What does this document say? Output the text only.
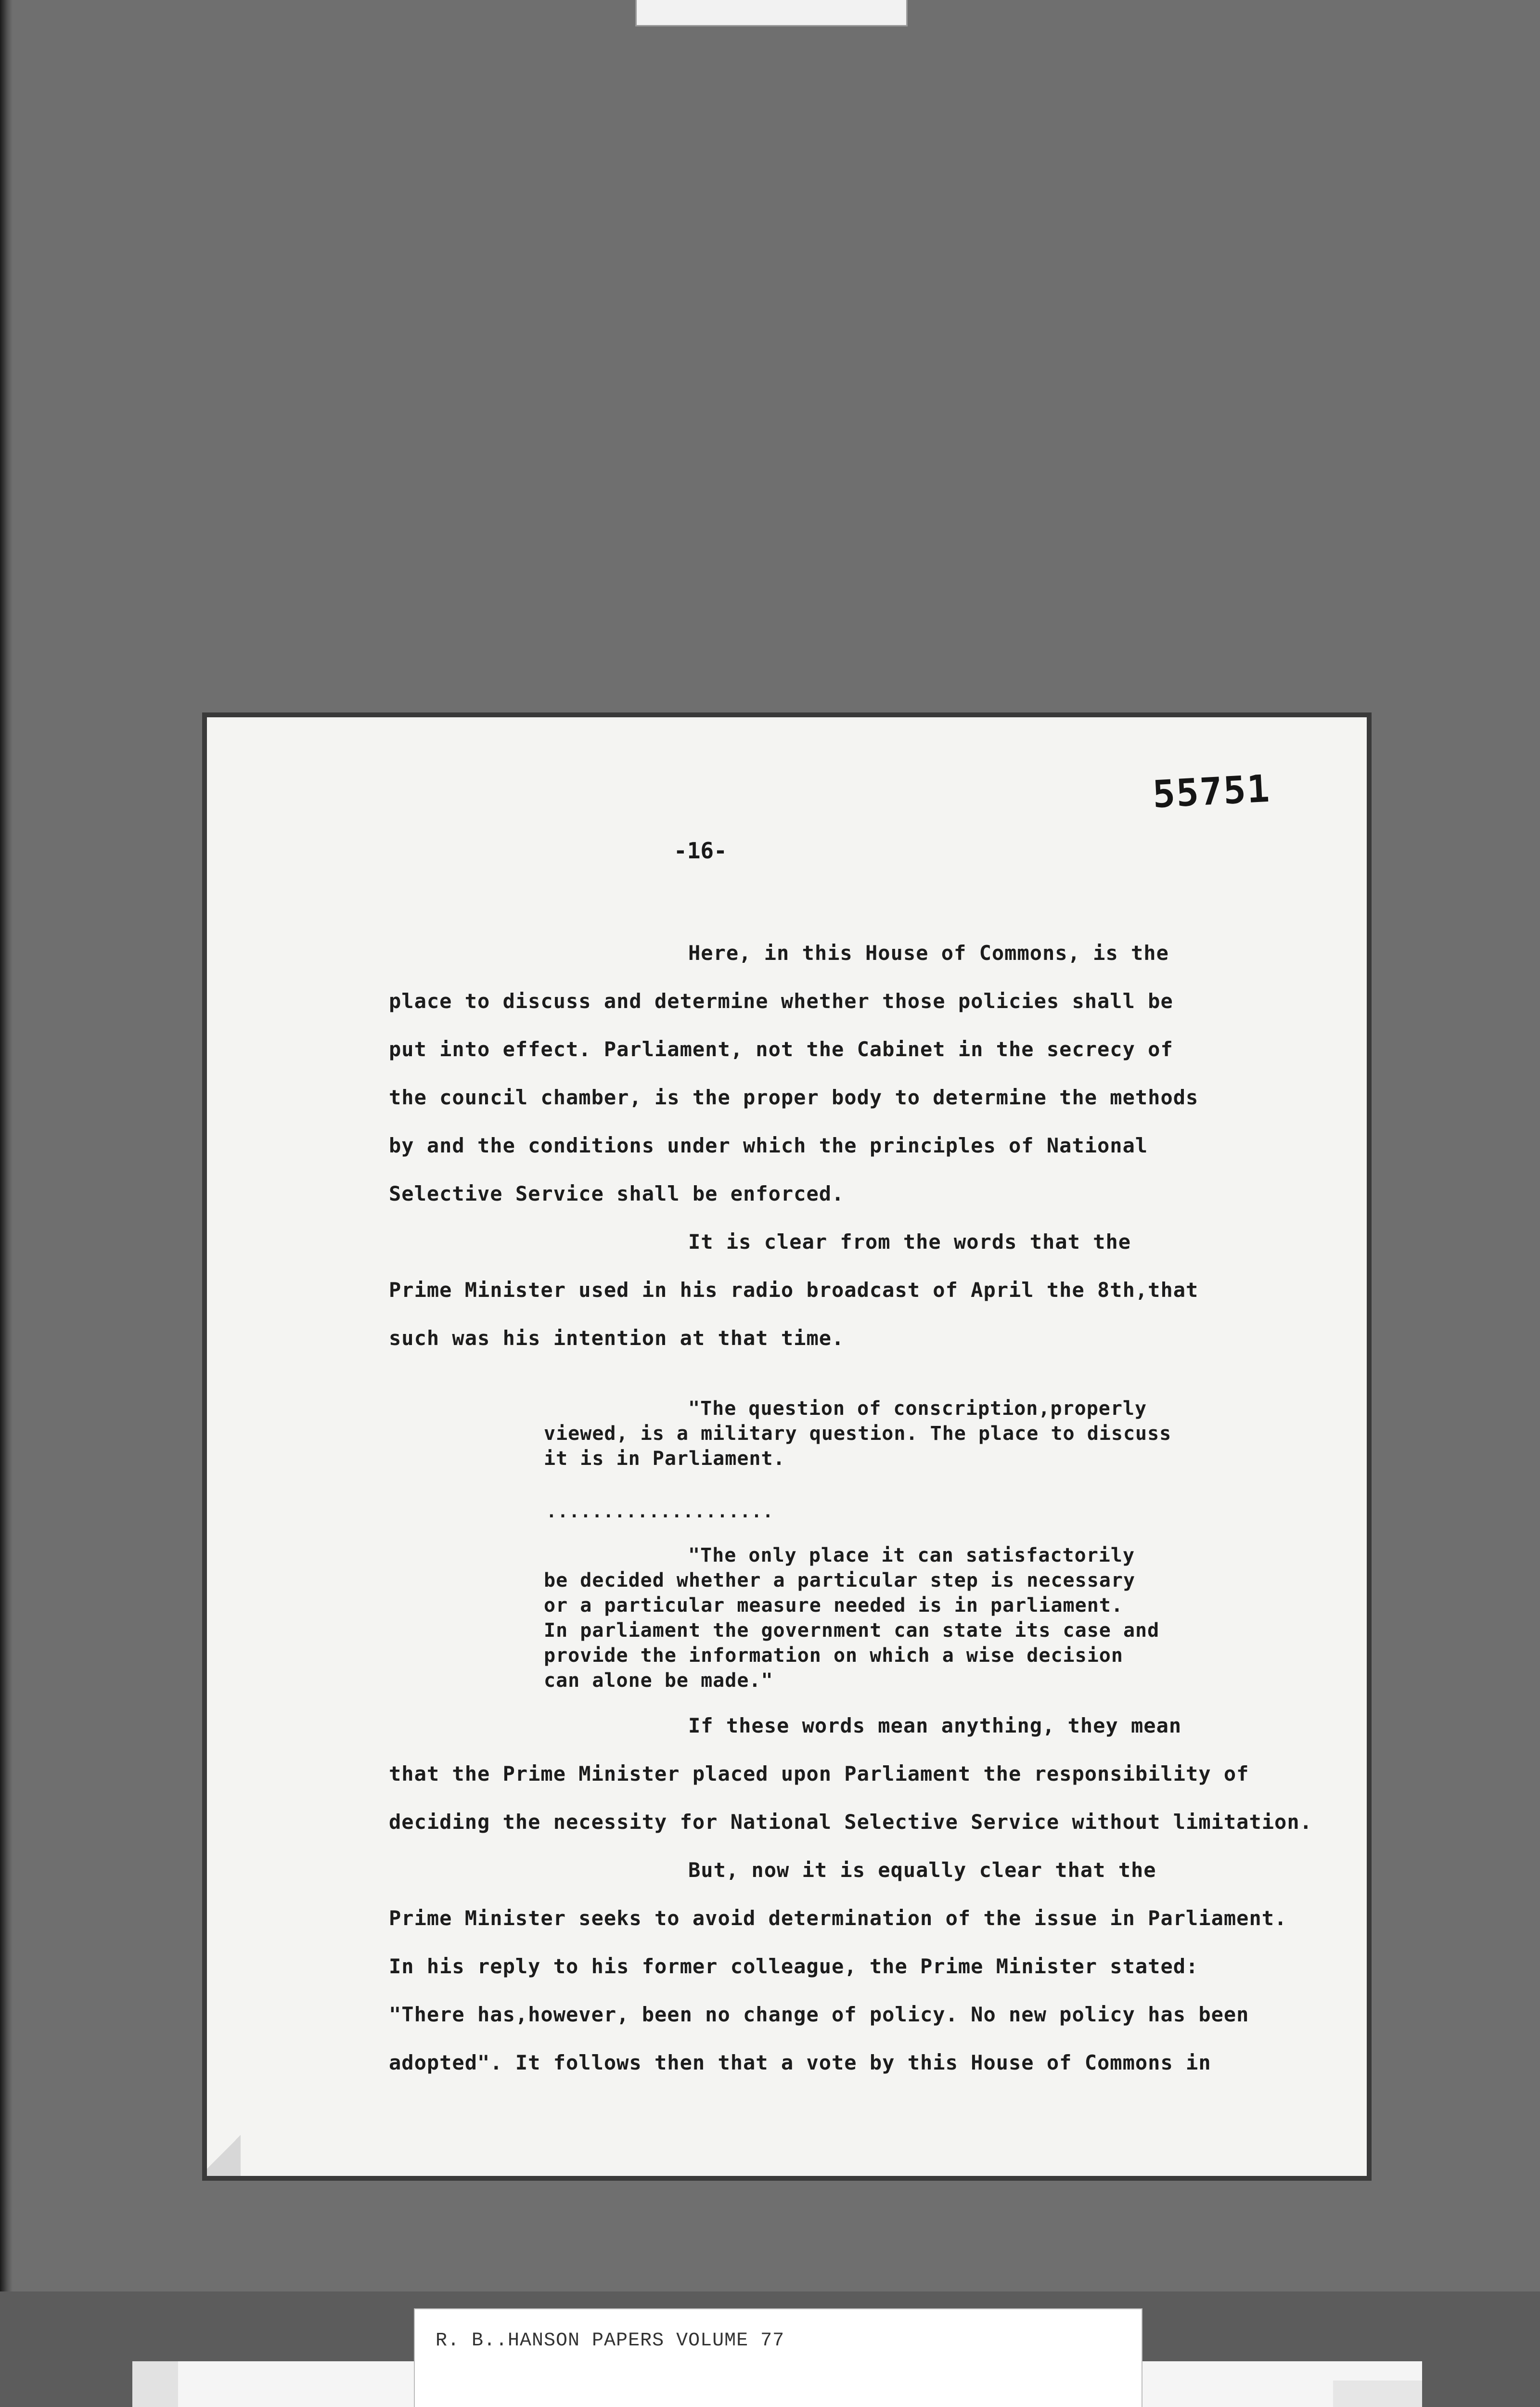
55751
-16-
Here, in this House of Commons, is the
place to discuss and determine whether those policies shall be
put into effect. Parliament, not the Cabinet in the secrecy of
the council chamber, is the proper body to determine the methods
by and the conditions under which the principles of National
Selective Service shall be enforced.
It is clear from the words that the
Prime Minister used in his radio broadcast of April the 8th,that
such was his intention at that time.
"The question of conscription,properly
viewed, is a military question. The place to discuss
it is in Parliament.
....................
"The only place it can satisfactorily
be decided whether a particular step is necessary
or a particular measure needed is in parliament.
In parliament the government can state its case and
provide the information on which a wise decision
can alone be made."
If these words mean anything, they mean
that the Prime Minister placed upon Parliament the responsibility of
deciding the necessity for National Selective Service without limitation.
But, now it is equally clear that the
Prime Minister seeks to avoid determination of the issue in Parliament.
In his reply to his former colleague, the Prime Minister stated:
"There has,however, been no change of policy. No new policy has been
adopted". It follows then that a vote by this House of Commons in
R. B..HANSON PAPERS VOLUME 77
